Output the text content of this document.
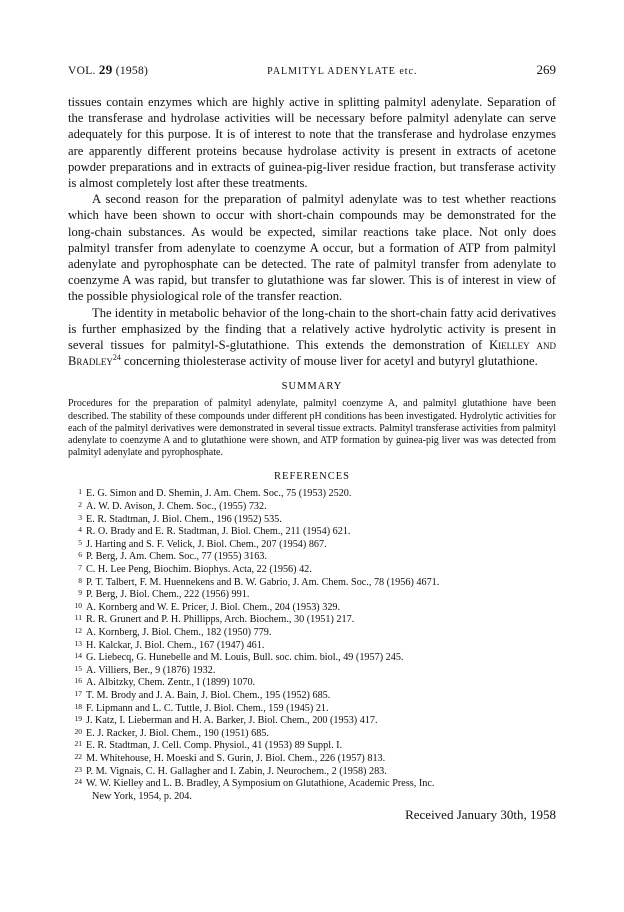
VOL. 29 (1958)	PALMITYL ADENYLATE etc.	269

tissues contain enzymes which are highly active in splitting palmityl adenylate. Separation of the transferase and hydrolase activities will be necessary before palmityl adenylate can serve adequately for this purpose. It is of interest to note that the transferase and hydrolase enzymes are apparently different proteins because hydrolase activity is present in extracts of acetone powder preparations and in extracts of guinea-pig-liver residue fraction, but transferase activity is almost completely lost after these treatments.

A second reason for the preparation of palmityl adenylate was to test whether reactions which have been shown to occur with short-chain compounds may be demonstrated for the long-chain substances. As would be expected, similar reactions take place. Not only does palmityl transfer from adenylate to coenzyme A occur, but a formation of ATP from palmityl adenylate and pyrophosphate can be detected. The rate of palmityl transfer from adenylate to coenzyme A was rapid, but transfer to glutathione was far slower. This is of interest in view of the possible physiological role of the transfer reaction.

The identity in metabolic behavior of the long-chain to the short-chain fatty acid derivatives is further emphasized by the finding that a relatively active hydrolytic activity is present in several tissues for palmityl-S-glutathione. This extends the demonstration of Kielley and Bradley$^{24}$ concerning thiolesterase activity of mouse liver for acetyl and butyryl glutathione.

SUMMARY

Procedures for the preparation of palmityl adenylate, palmityl coenzyme A, and palmityl glutathione have been described. The stability of these compounds under different pH conditions has been investigated. Hydrolytic activities for each of the palmityl derivatives were demonstrated in several tissue extracts. Palmityl transferase activities from palmityl adenylate to coenzyme A and to glutathione were shown, and ATP formation by guinea-pig liver was was detected from palmityl adenylate and pyrophosphate.

REFERENCES
1 E. G. Simon and D. Shemin, J. Am. Chem. Soc., 75 (1953) 2520.
2 A. W. D. Avison, J. Chem. Soc., (1955) 732.
3 E. R. Stadtman, J. Biol. Chem., 196 (1952) 535.
4 R. O. Brady and E. R. Stadtman, J. Biol. Chem., 211 (1954) 621.
5 J. Harting and S. F. Velick, J. Biol. Chem., 207 (1954) 867.
6 P. Berg, J. Am. Chem. Soc., 77 (1955) 3163.
7 C. H. Lee Peng, Biochim. Biophys. Acta, 22 (1956) 42.
8 P. T. Talbert, F. M. Huennekens and B. W. Gabrio, J. Am. Chem. Soc., 78 (1956) 4671.
9 P. Berg, J. Biol. Chem., 222 (1956) 991.
10 A. Kornberg and W. E. Pricer, J. Biol. Chem., 204 (1953) 329.
11 R. R. Grunert and P. H. Phillipps, Arch. Biochem., 30 (1951) 217.
12 A. Kornberg, J. Biol. Chem., 182 (1950) 779.
13 H. Kalckar, J. Biol. Chem., 167 (1947) 461.
14 G. Liebecq, G. Hunebelle and M. Louis, Bull. soc. chim. biol., 49 (1957) 245.
15 A. Villiers, Ber., 9 (1876) 1932.
16 A. Albitzky, Chem. Zentr., I (1899) 1070.
17 T. M. Brody and J. A. Bain, J. Biol. Chem., 195 (1952) 685.
18 F. Lipmann and L. C. Tuttle, J. Biol. Chem., 159 (1945) 21.
19 J. Katz, I. Lieberman and H. A. Barker, J. Biol. Chem., 200 (1953) 417.
20 E. J. Racker, J. Biol. Chem., 190 (1951) 685.
21 E. R. Stadtman, J. Cell. Comp. Physiol., 41 (1953) 89 Suppl. I.
22 M. Whitehouse, H. Moeski and S. Gurin, J. Biol. Chem., 226 (1957) 813.
23 P. M. Vignais, C. H. Gallagher and I. Zabin, J. Neurochem., 2 (1958) 283.
24 W. W. Kielley and L. B. Bradley, A Symposium on Glutathione, Academic Press, Inc.
New York, 1954, p. 204.
Received January 30th, 1958
